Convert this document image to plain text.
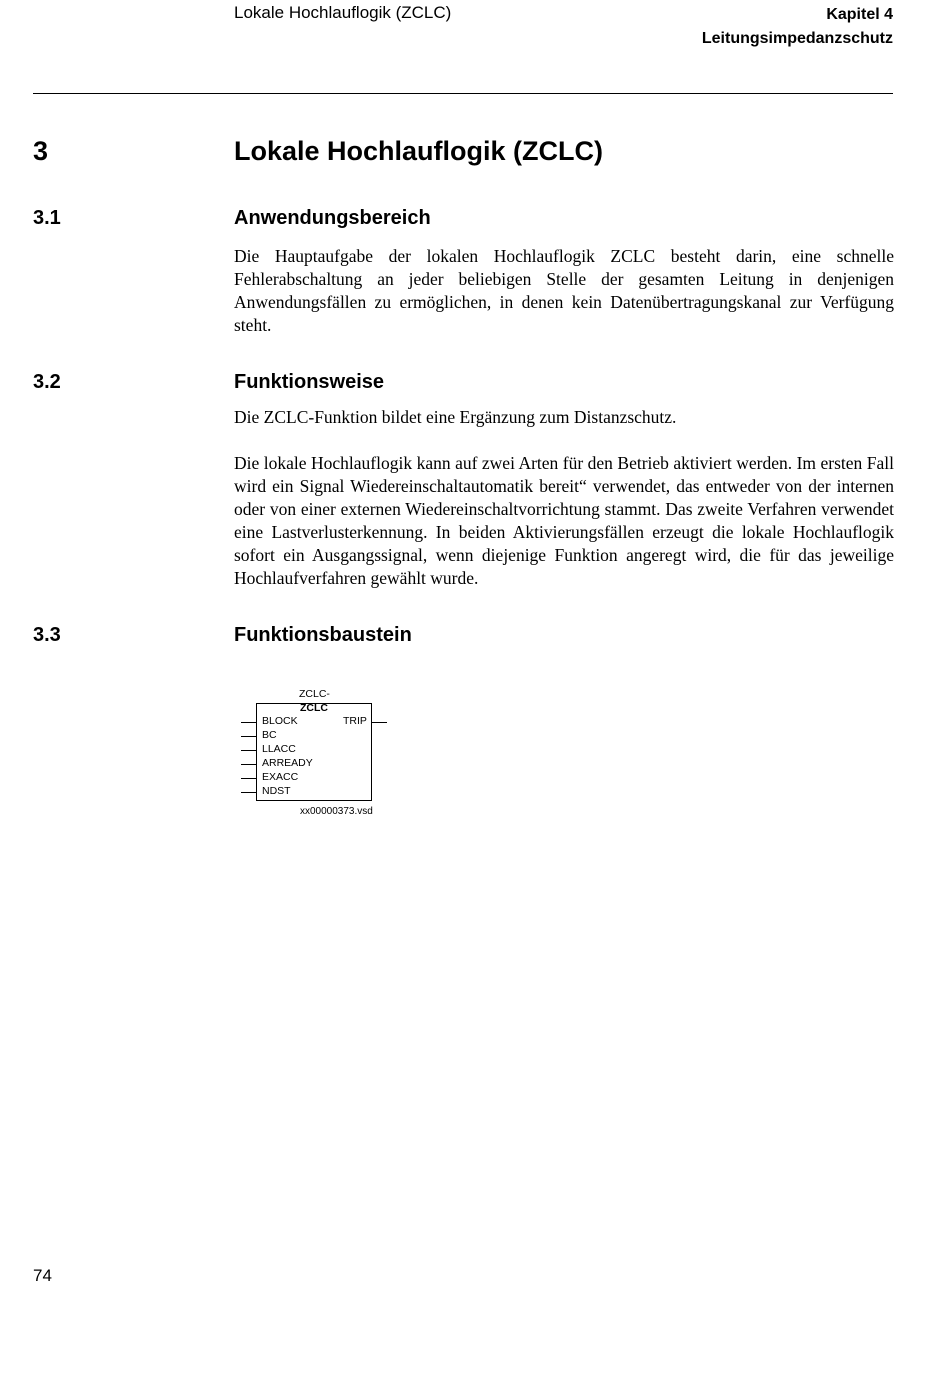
Lokale Hochlauflogik (ZCLC)	Kapitel 4
Leitungsimpedanzschutz
3	Lokale Hochlauflogik (ZCLC)
3.1	Anwendungsbereich

Die Hauptaufgabe der lokalen Hochlauflogik ZCLC besteht darin, eine schnelle Fehlerabschaltung an jeder beliebigen Stelle der gesamten Leitung in denjenigen Anwendungsfällen zu ermöglichen, in denen kein Datenübertragungskanal zur Verfügung steht.

3.2	Funktionsweise

Die ZCLC-Funktion bildet eine Ergänzung zum Distanzschutz.

Die lokale Hochlauflogik kann auf zwei Arten für den Betrieb aktiviert werden. Im ersten Fall wird ein Signal Wiedereinschaltautomatik bereit“ verwendet, das entweder von der internen oder von einer externen Wiedereinschaltvorrichtung stammt. Das zweite Verfahren verwendet eine Lastverlusterkennung. In beiden Aktivierungsfällen erzeugt die lokale Hochlauflogik sofort ein Ausgangssignal, wenn diejenige Funktion angeregt wird, die für das jeweilige Hochlaufverfahren gewählt wurde.

3.3	Funktionsbaustein
ZCLC-
ZCLC
BLOCK
BC
LLACC
ARREADY
EXACC
NDST
TRIP
xx00000373.vsd
74
